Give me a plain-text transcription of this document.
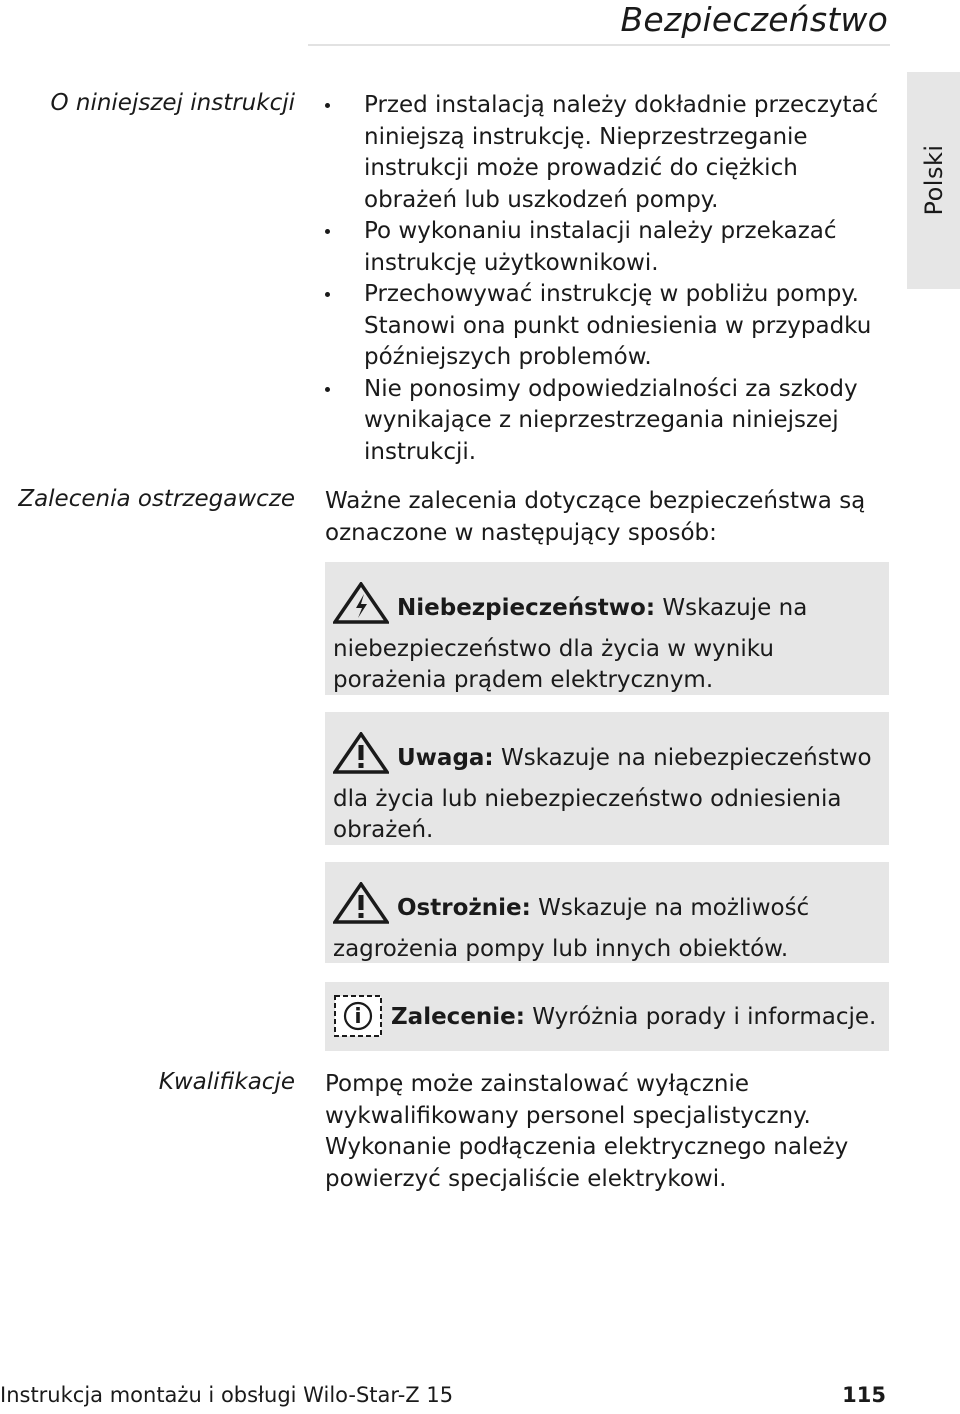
Bezpieczeństwo
Polski
O niniejszej instrukcji	Przed instalacją należy dokładnie przeczytać niniejszą instrukcję. Nieprzestrzeganie instrukcji może prowadzić do ciężkich obrażeń lub uszkodzeń pompy.
Po wykonaniu instalacji należy przekazać instrukcję użytkownikowi.
Przechowywać instrukcję w pobliżu pompy. Stanowi ona punkt odniesienia w przypadku późniejszych problemów.
Nie ponosimy odpowiedzialności za szkody wynikające z nieprzestrzegania niniejszej instrukcji.
Zalecenia ostrzegawcze Ważne zalecenia dotyczące bezpieczeństwa są oznaczone w następujący sposób:
Niebezpieczeństwo: Wskazuje na niebezpieczeństwo dla życia w wyniku porażenia prądem elektrycznym.
Uwaga: Wskazuje na niebezpieczeństwo dla życia lub niebezpieczeństwo odniesienia obrażeń.
Ostrożnie: Wskazuje na możliwość zagrożenia pompy lub innych obiektów.
Zalecenie: Wyróżnia porady i informacje.
Kwalifikacje Pompę może zainstalować wyłącznie wykwalifikowany personel specjalistyczny. Wykonanie podłączenia elektrycznego należy powierzyć specjaliście elektrykowi.
Instrukcja montażu i obsługi Wilo-Star-Z 15	115
